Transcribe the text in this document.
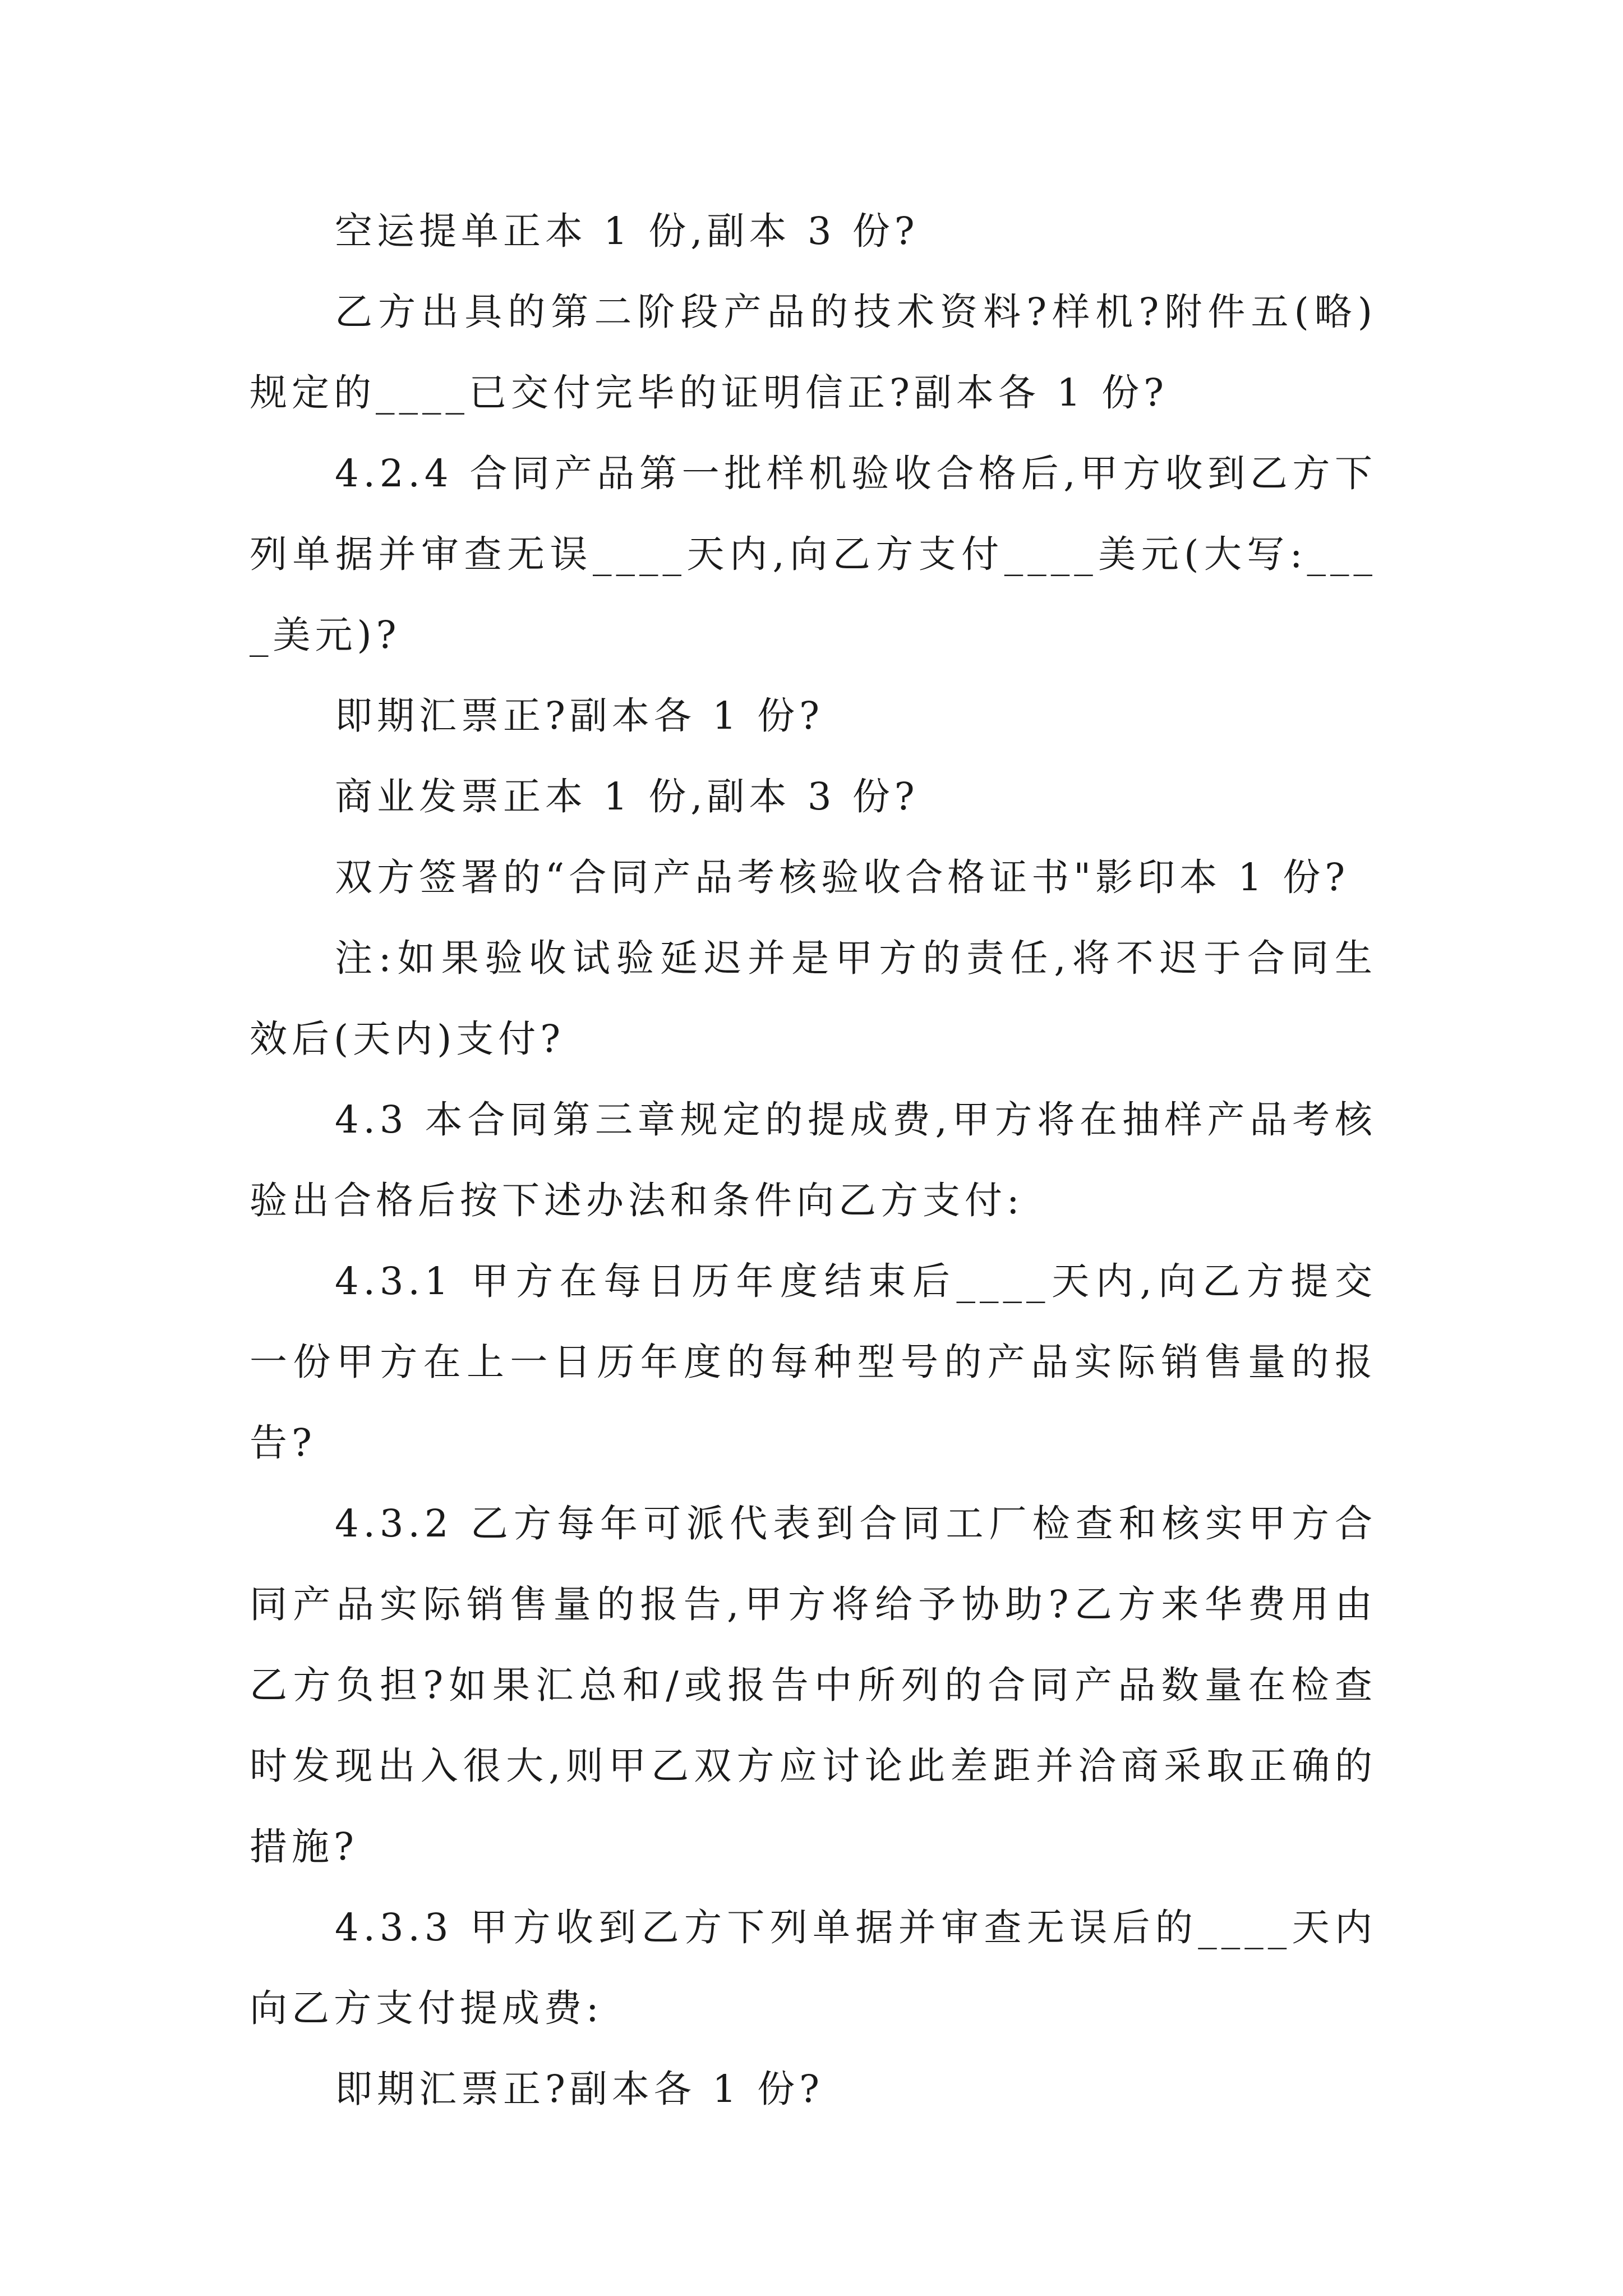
空运提单正本 1 份,副本 3 份?

乙方出具的第二阶段产品的技术资料?样机?附件五(略)规定的____已交付完毕的证明信正?副本各 1 份?

4.2.4 合同产品第一批样机验收合格后,甲方收到乙方下列单据并审查无误____天内,向乙方支付____美元(大写:____美元)?

即期汇票正?副本各 1 份?

商业发票正本 1 份,副本 3 份?

双方签署的“合同产品考核验收合格证书"影印本 1 份?

注:如果验收试验延迟并是甲方的责任,将不迟于合同生效后(天内)支付?

4.3 本合同第三章规定的提成费,甲方将在抽样产品考核验出合格后按下述办法和条件向乙方支付:

4.3.1 甲方在每日历年度结束后____天内,向乙方提交一份甲方在上一日历年度的每种型号的产品实际销售量的报告?

4.3.2 乙方每年可派代表到合同工厂检查和核实甲方合同产品实际销售量的报告,甲方将给予协助?乙方来华费用由乙方负担?如果汇总和/或报告中所列的合同产品数量在检查时发现出入很大,则甲乙双方应讨论此差距并洽商采取正确的措施?

4.3.3 甲方收到乙方下列单据并审查无误后的____天内向乙方支付提成费:

即期汇票正?副本各 1 份?
